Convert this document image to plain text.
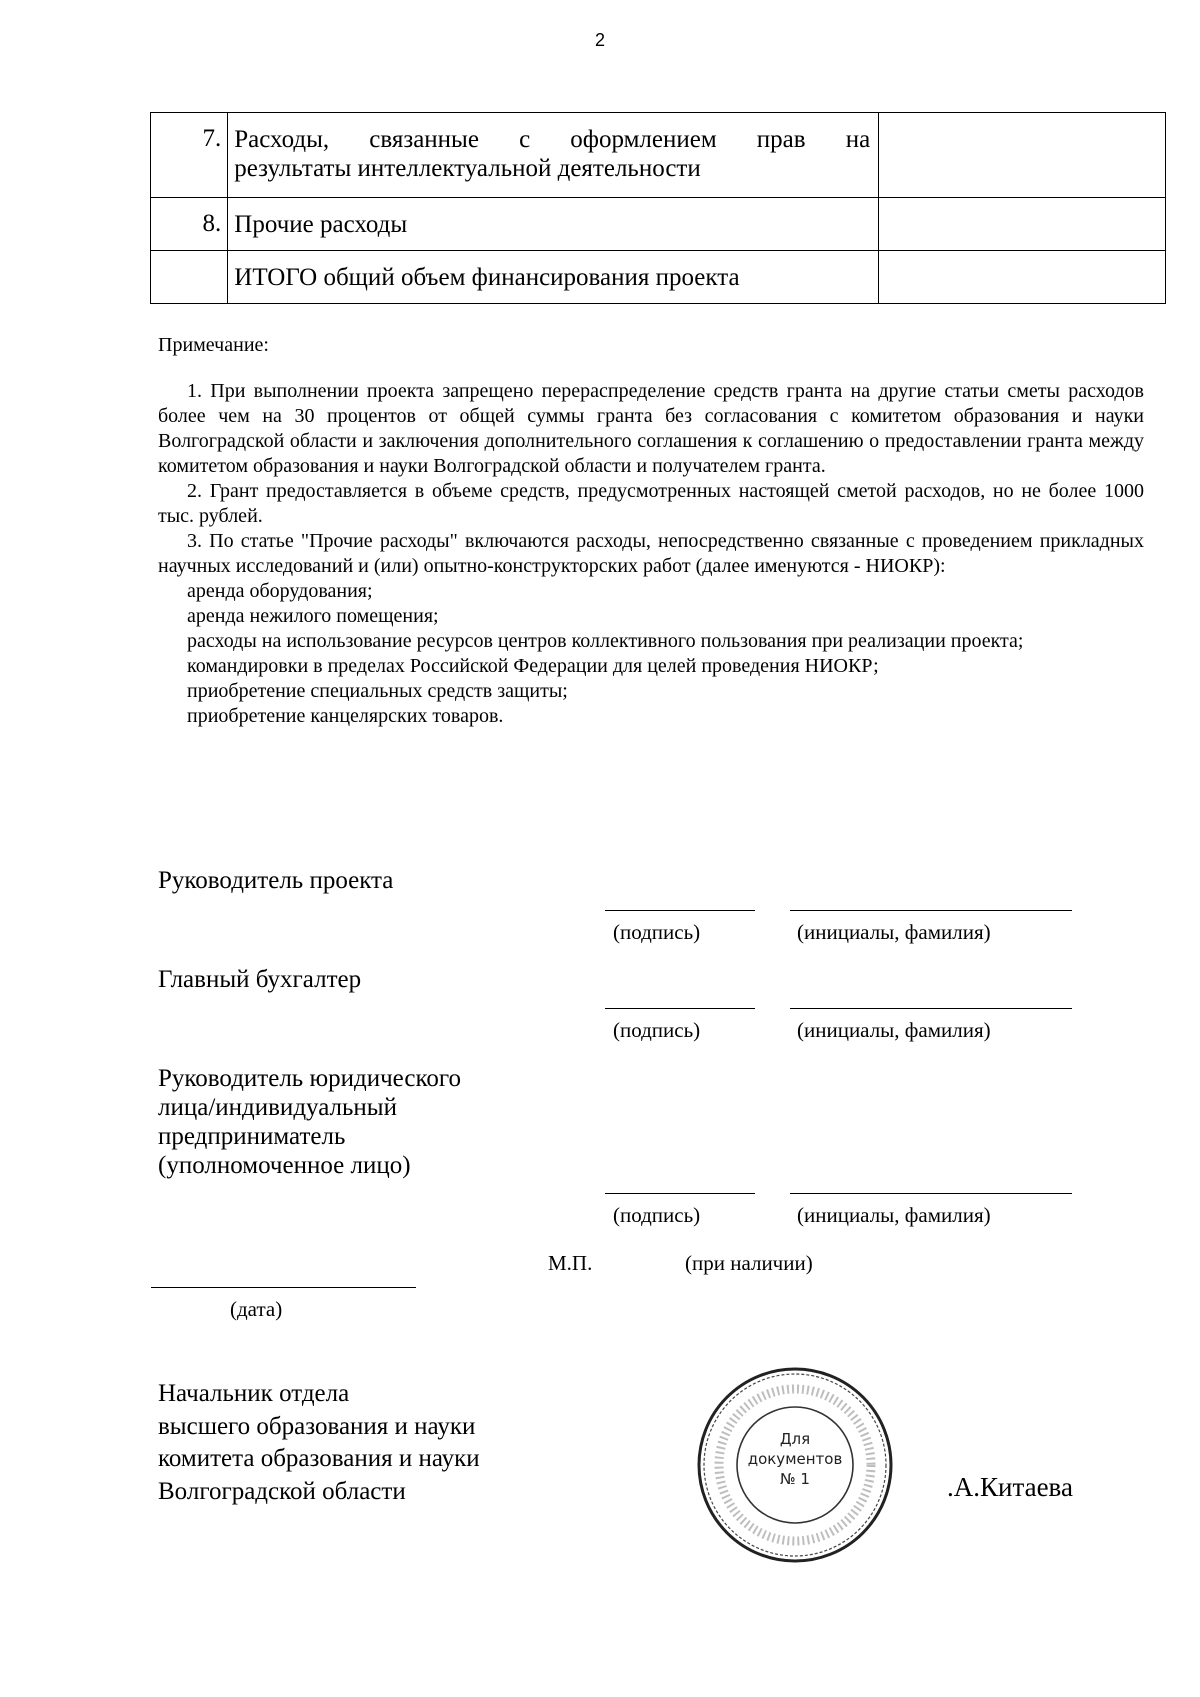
2
7.	Расходы, связанные с оформлением прав на
результаты интеллектуальной деятельности	

8.	Прочие расходы	
	ИТОГО общий объем финансирования проекта	

Примечание:

1. При выполнении проекта запрещено перераспределение средств гранта на другие статьи сметы расходов более чем на 30 процентов от общей суммы гранта без согласования с комитетом образования и науки Волгоградской области и заключения дополнительного соглашения к соглашению о предоставлении гранта между комитетом образования и науки Волгоградской области и получателем гранта.

2. Грант предоставляется в объеме средств, предусмотренных настоящей сметой расходов, но не более 1000 тыс. рублей.

3. По статье "Прочие расходы" включаются расходы, непосредственно связанные с проведением прикладных научных исследований и (или) опытно-конструкторских работ (далее именуются - НИОКР):

аренда оборудования;

аренда нежилого помещения;

расходы на использование ресурсов центров коллективного пользования при реализации проекта;

командировки в пределах Российской Федерации для целей проведения НИОКР;

приобретение специальных средств защиты;

приобретение канцелярских товаров.

Руководитель проекта
(подпись)	(инициалы, фамилия)
Главный бухгалтер
(подпись)	(инициалы, фамилия)
Руководитель юридического
лица/индивидуальный
предприниматель
(уполномоченное лицо)
(подпись)	(инициалы, фамилия)
М.П.	(при наличии)
(дата)
Начальник отдела
высшего образования и науки
комитета образования и науки
Волгоградской области	.А.Китаева
Для
документов
№ 1
